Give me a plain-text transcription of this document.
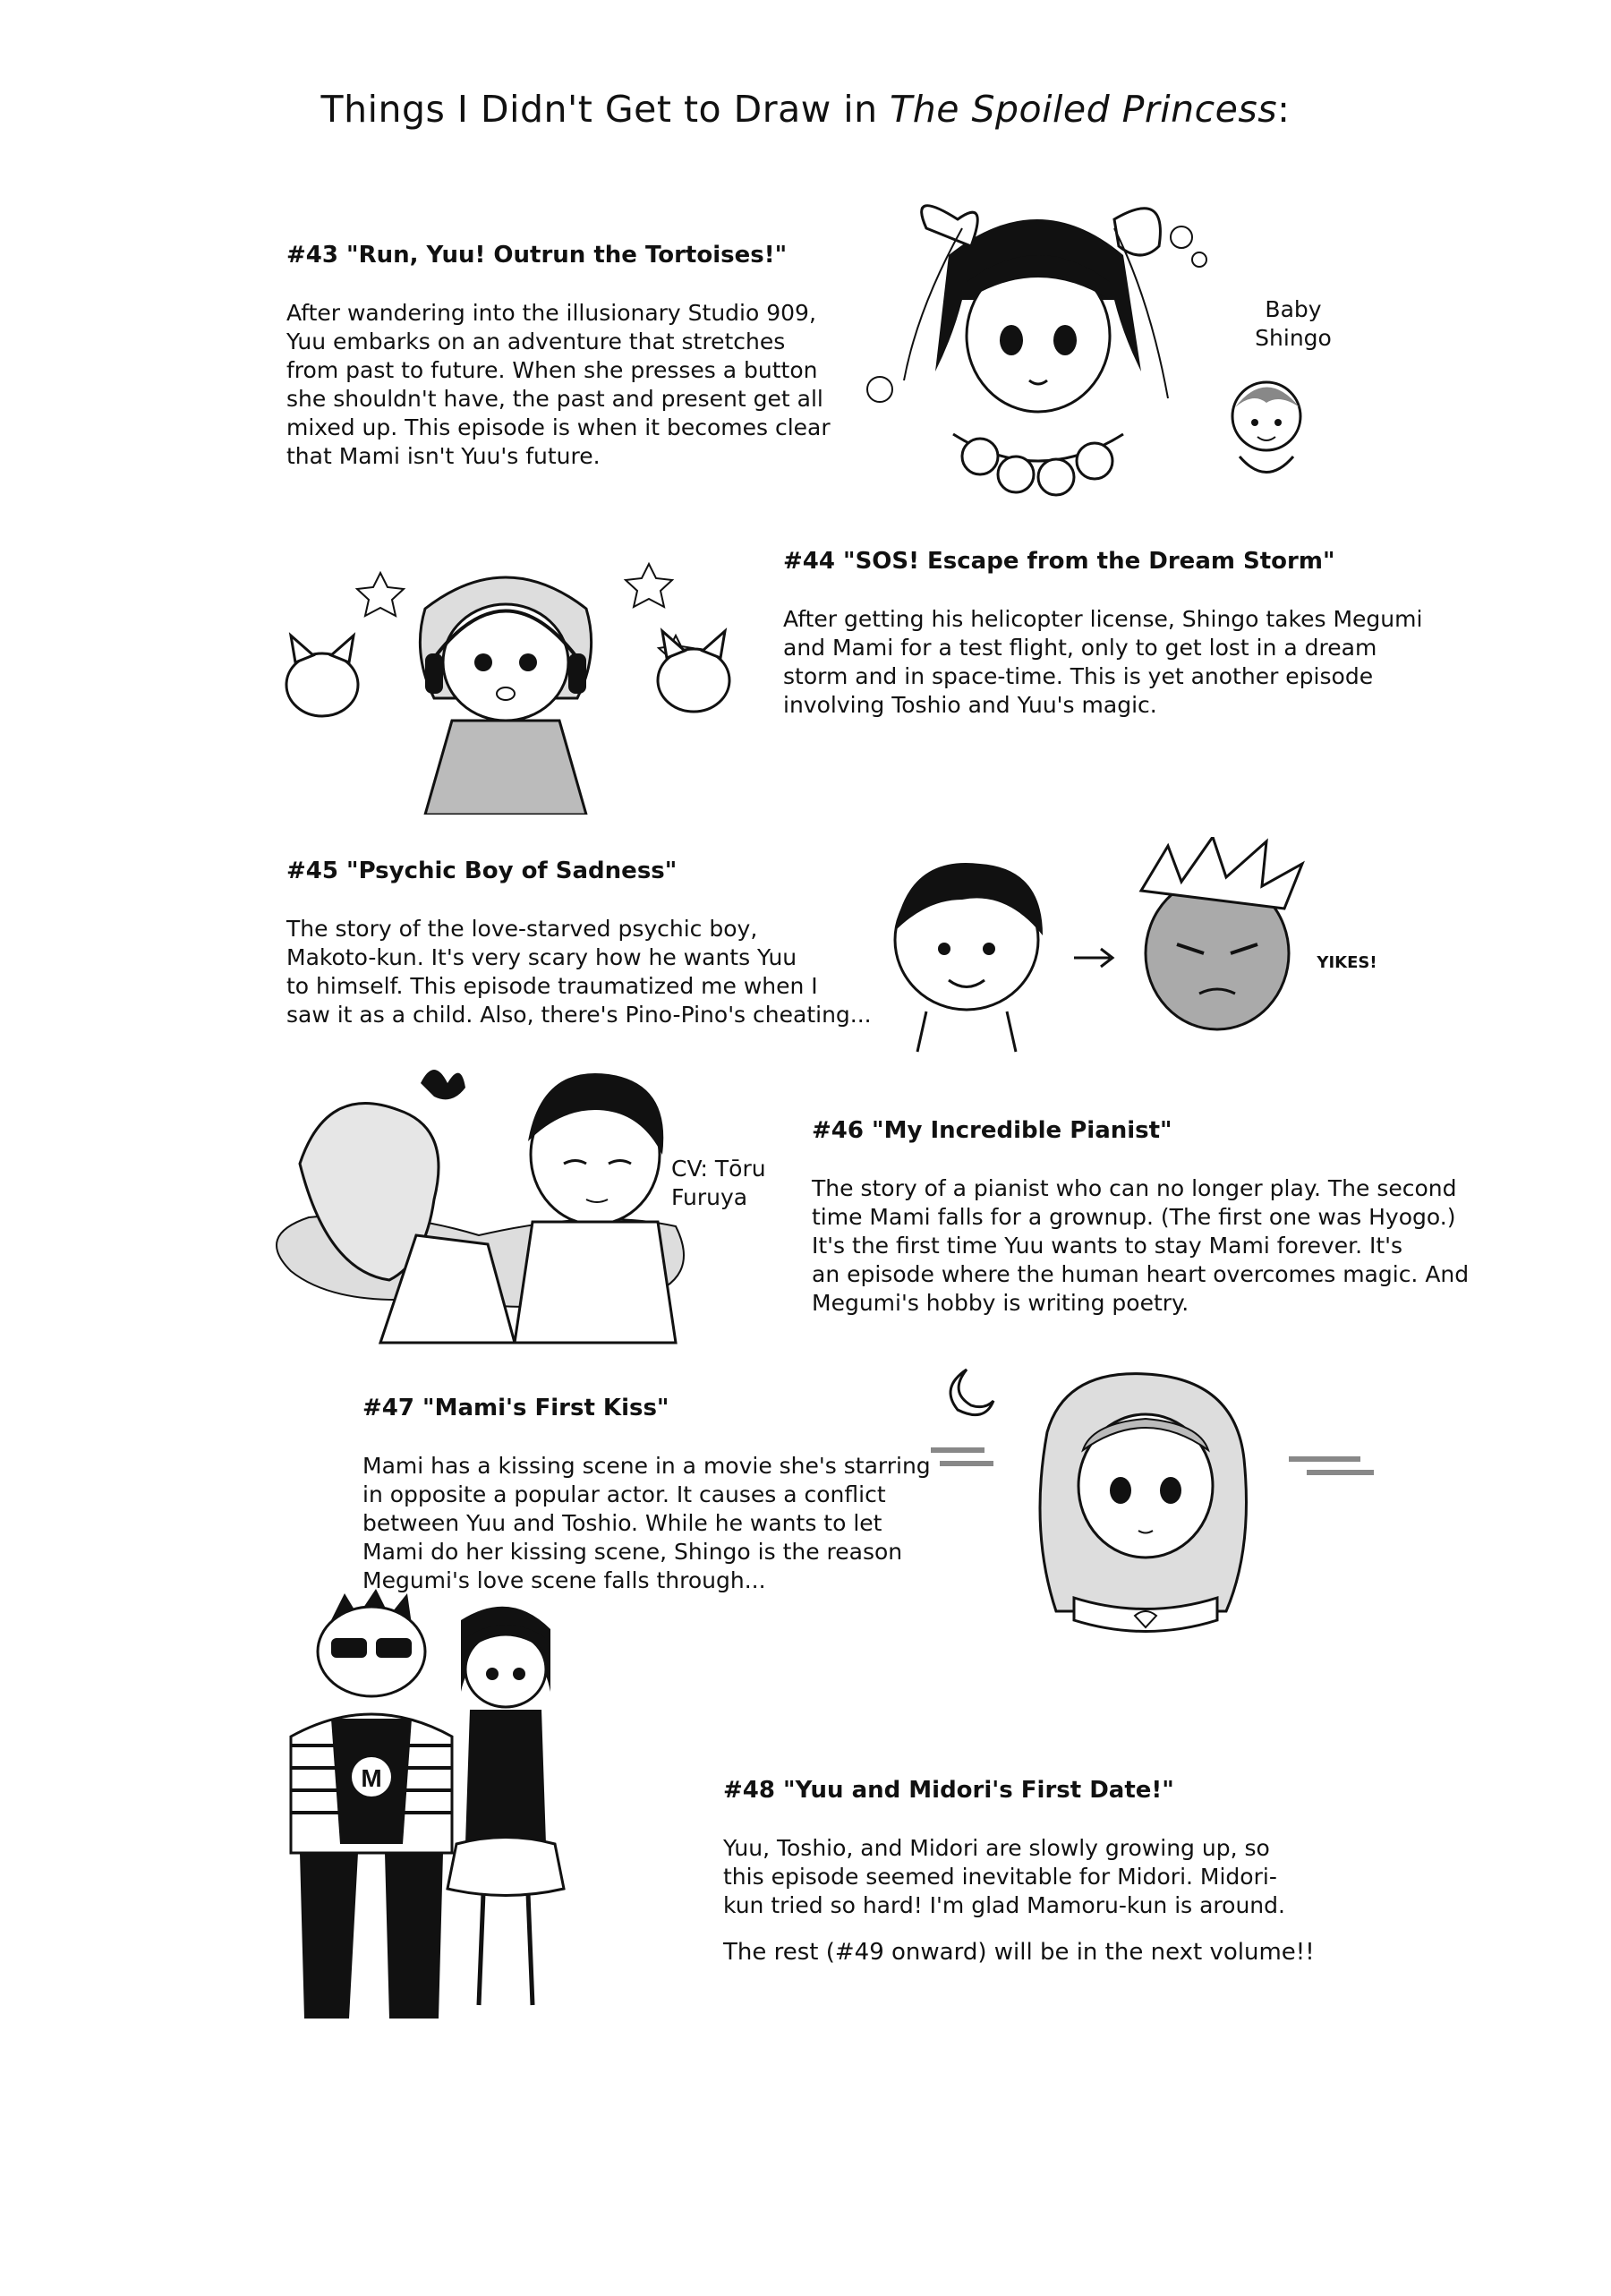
Things I Didn't Get to Draw in The Spoiled Princess:
#43 "Run, Yuu! Outrun the Tortoises!"

After wandering into the illusionary Studio 909,
Yuu embarks on an adventure that stretches
from past to future. When she presses a button
she shouldn't have, the past and present get all
mixed up. This episode is when it becomes clear
that Mami isn't Yuu's future.

Baby
Shingo
#44 "SOS! Escape from the Dream Storm"

After getting his helicopter license, Shingo takes Megumi
and Mami for a test flight, only to get lost in a dream
storm and in space-time. This is yet another episode
involving Toshio and Yuu's magic.

#45 "Psychic Boy of Sadness"

The story of the love-starved psychic boy,
Makoto-kun. It's very scary how he wants Yuu
to himself. This episode traumatized me when I
saw it as a child. Also, there's Pino-Pino's cheating...

YIKES!
#46 "My Incredible Pianist"

The story of a pianist who can no longer play. The second
time Mami falls for a grownup. (The first one was Hyogo.)
It's the first time Yuu wants to stay Mami forever. It's
an episode where the human heart overcomes magic. And
Megumi's hobby is writing poetry.

CV: Tōru
Furuya
#47 "Mami's First Kiss"

Mami has a kissing scene in a movie she's starring
in opposite a popular actor. It causes a conflict
between Yuu and Toshio. While he wants to let
Mami do her kissing scene, Shingo is the reason
Megumi's love scene falls through...

#48 "Yuu and Midori's First Date!"

Yuu, Toshio, and Midori are slowly growing up, so
this episode seemed inevitable for Midori. Midori-
kun tried so hard! I'm glad Mamoru-kun is around.

M
The rest (#49 onward) will be in the next volume!!
